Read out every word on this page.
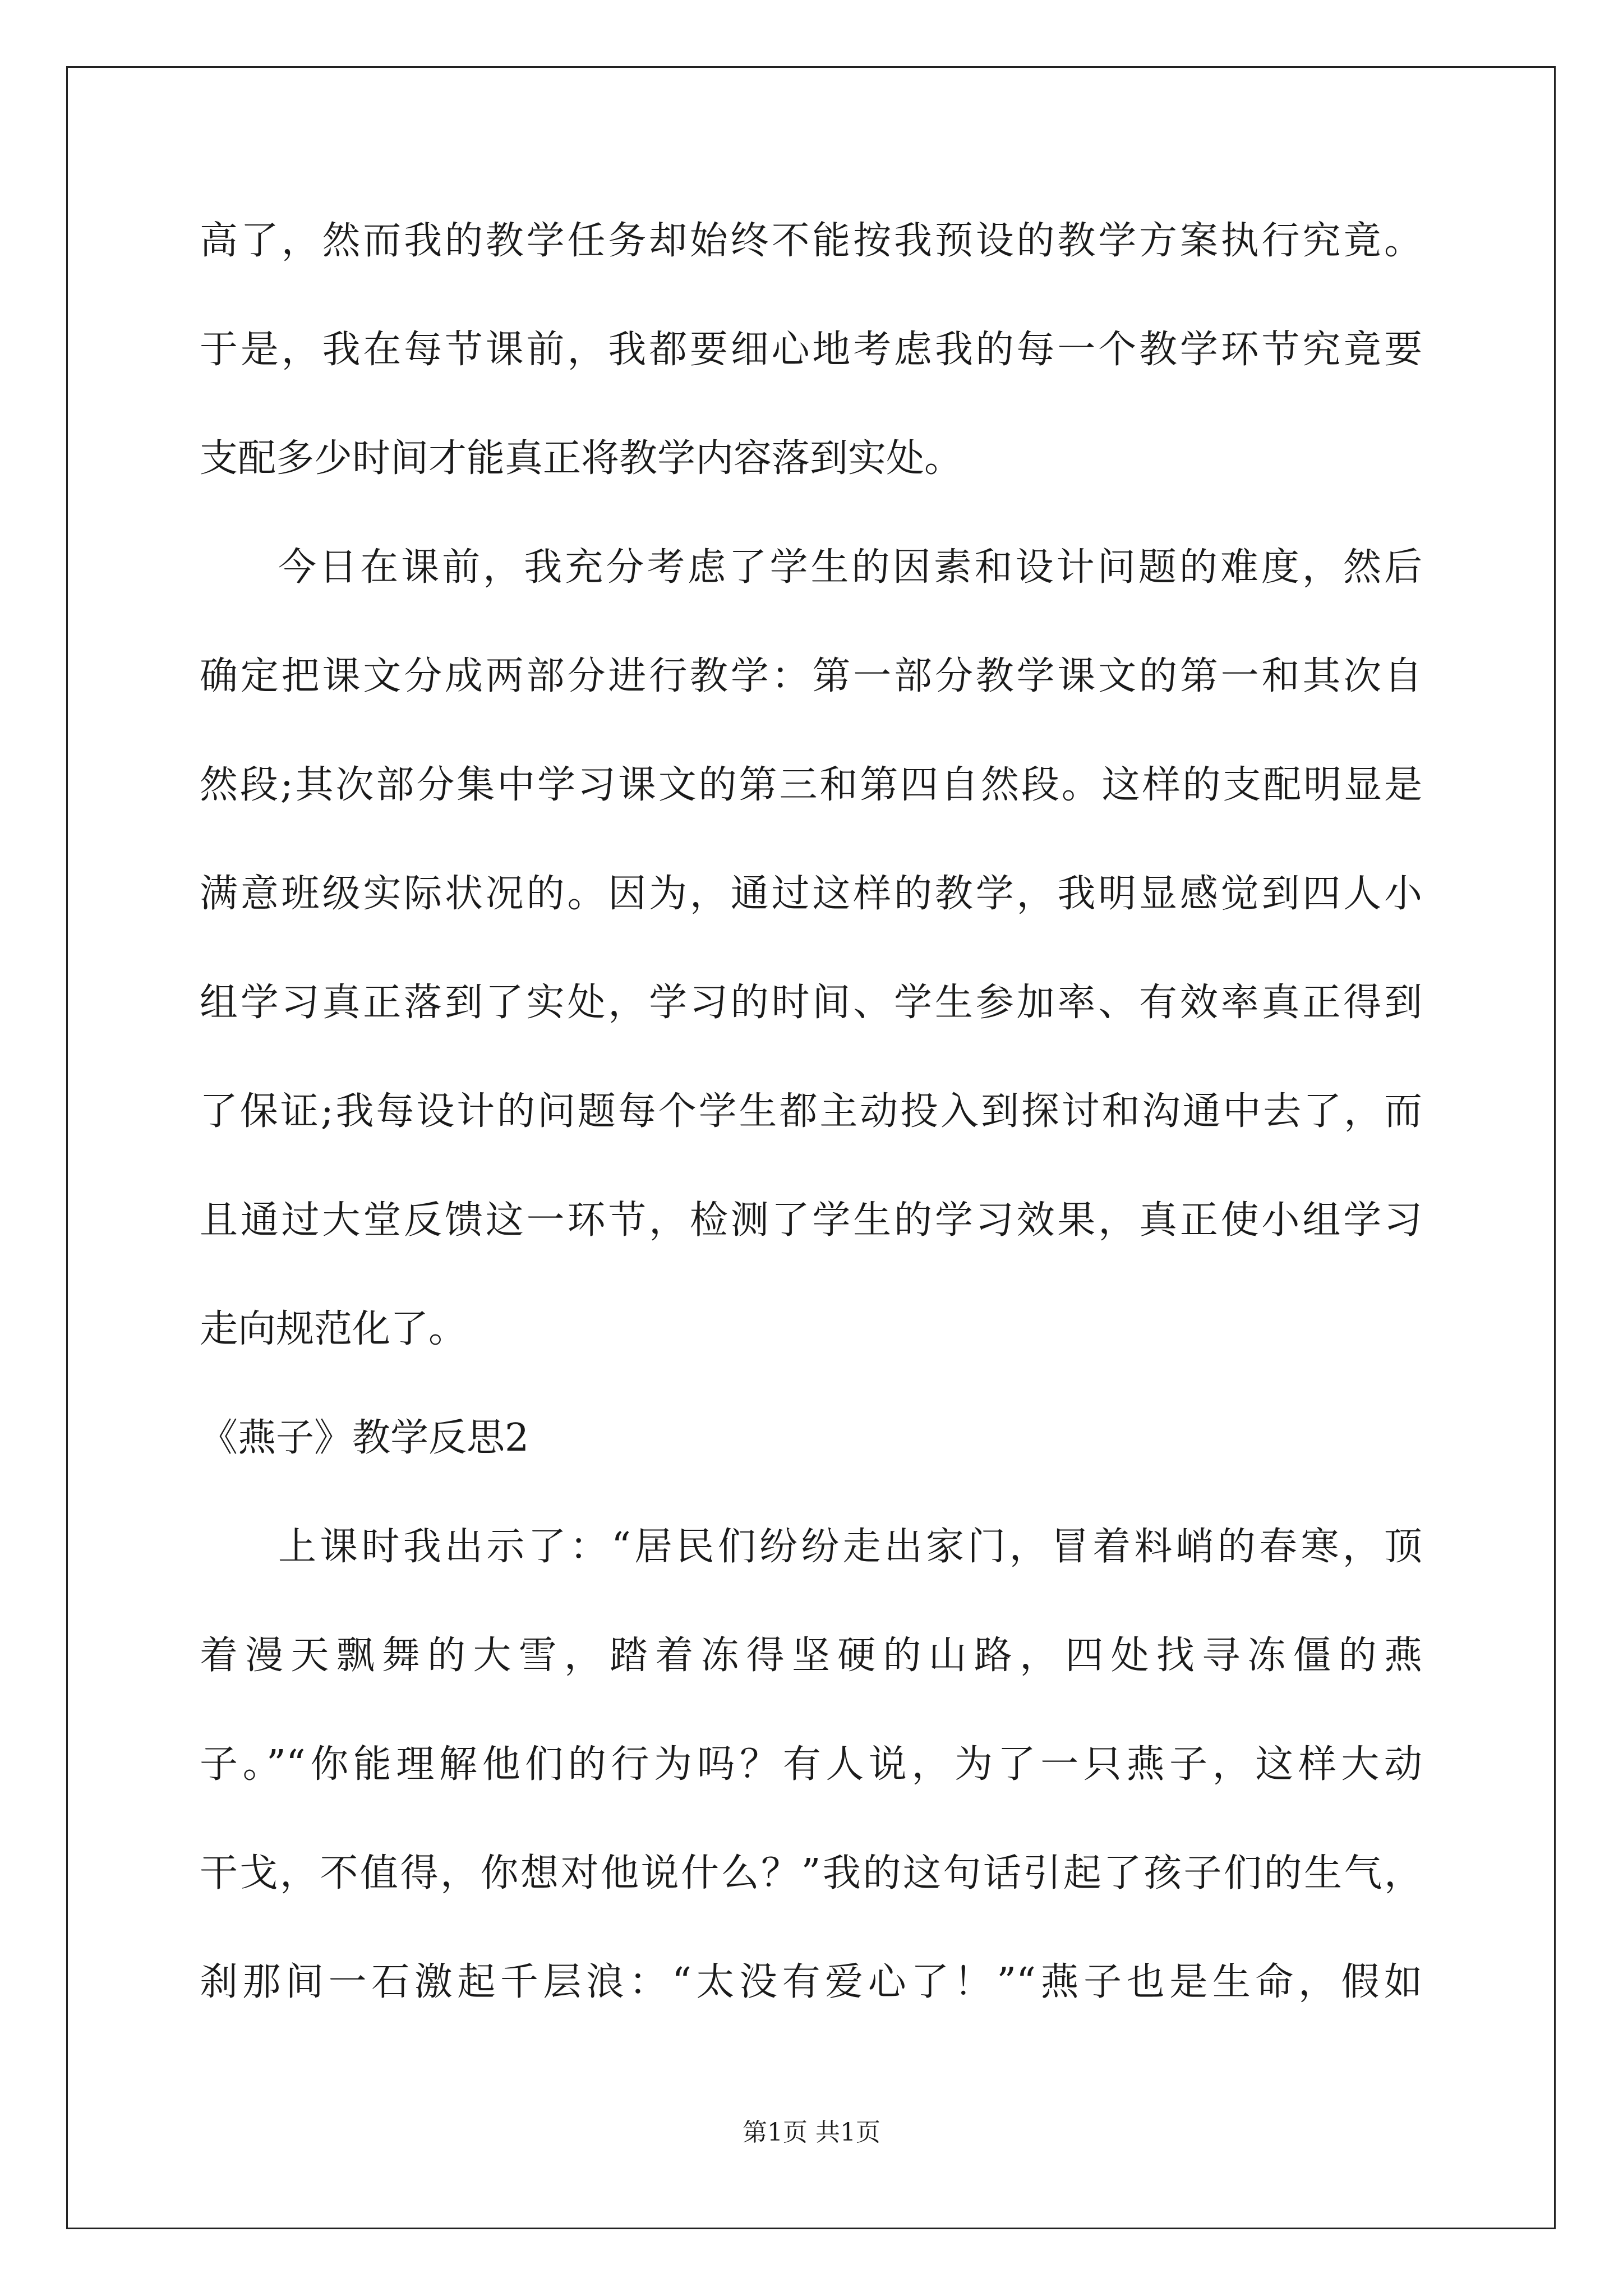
高了，然而我的教学任务却始终不能按我预设的教学方案执行究竟。
于是，我在每节课前，我都要细心地考虑我的每一个教学环节究竟要
支配多少时间才能真正将教学内容落到实处。
今日在课前，我充分考虑了学生的因素和设计问题的难度，然后
确定把课文分成两部分进行教学：第一部分教学课文的第一和其次自
然段;其次部分集中学习课文的第三和第四自然段。这样的支配明显是
满意班级实际状况的。因为，通过这样的教学，我明显感觉到四人小
组学习真正落到了实处，学习的时间、学生参加率、有效率真正得到
了保证;我每设计的问题每个学生都主动投入到探讨和沟通中去了，而
且通过大堂反馈这一环节，检测了学生的学习效果，真正使小组学习
走向规范化了。
《燕子》教学反思2
上课时我出示了：“居民们纷纷走出家门，冒着料峭的春寒，顶
着漫天飘舞的大雪，踏着冻得坚硬的山路，四处找寻冻僵的燕
子。”“你能理解他们的行为吗？有人说，为了一只燕子，这样大动
干戈，不值得，你想对他说什么？”我的这句话引起了孩子们的生气，
刹那间一石激起千层浪：“太没有爱心了！”“燕子也是生命，假如
第1页 共1页
